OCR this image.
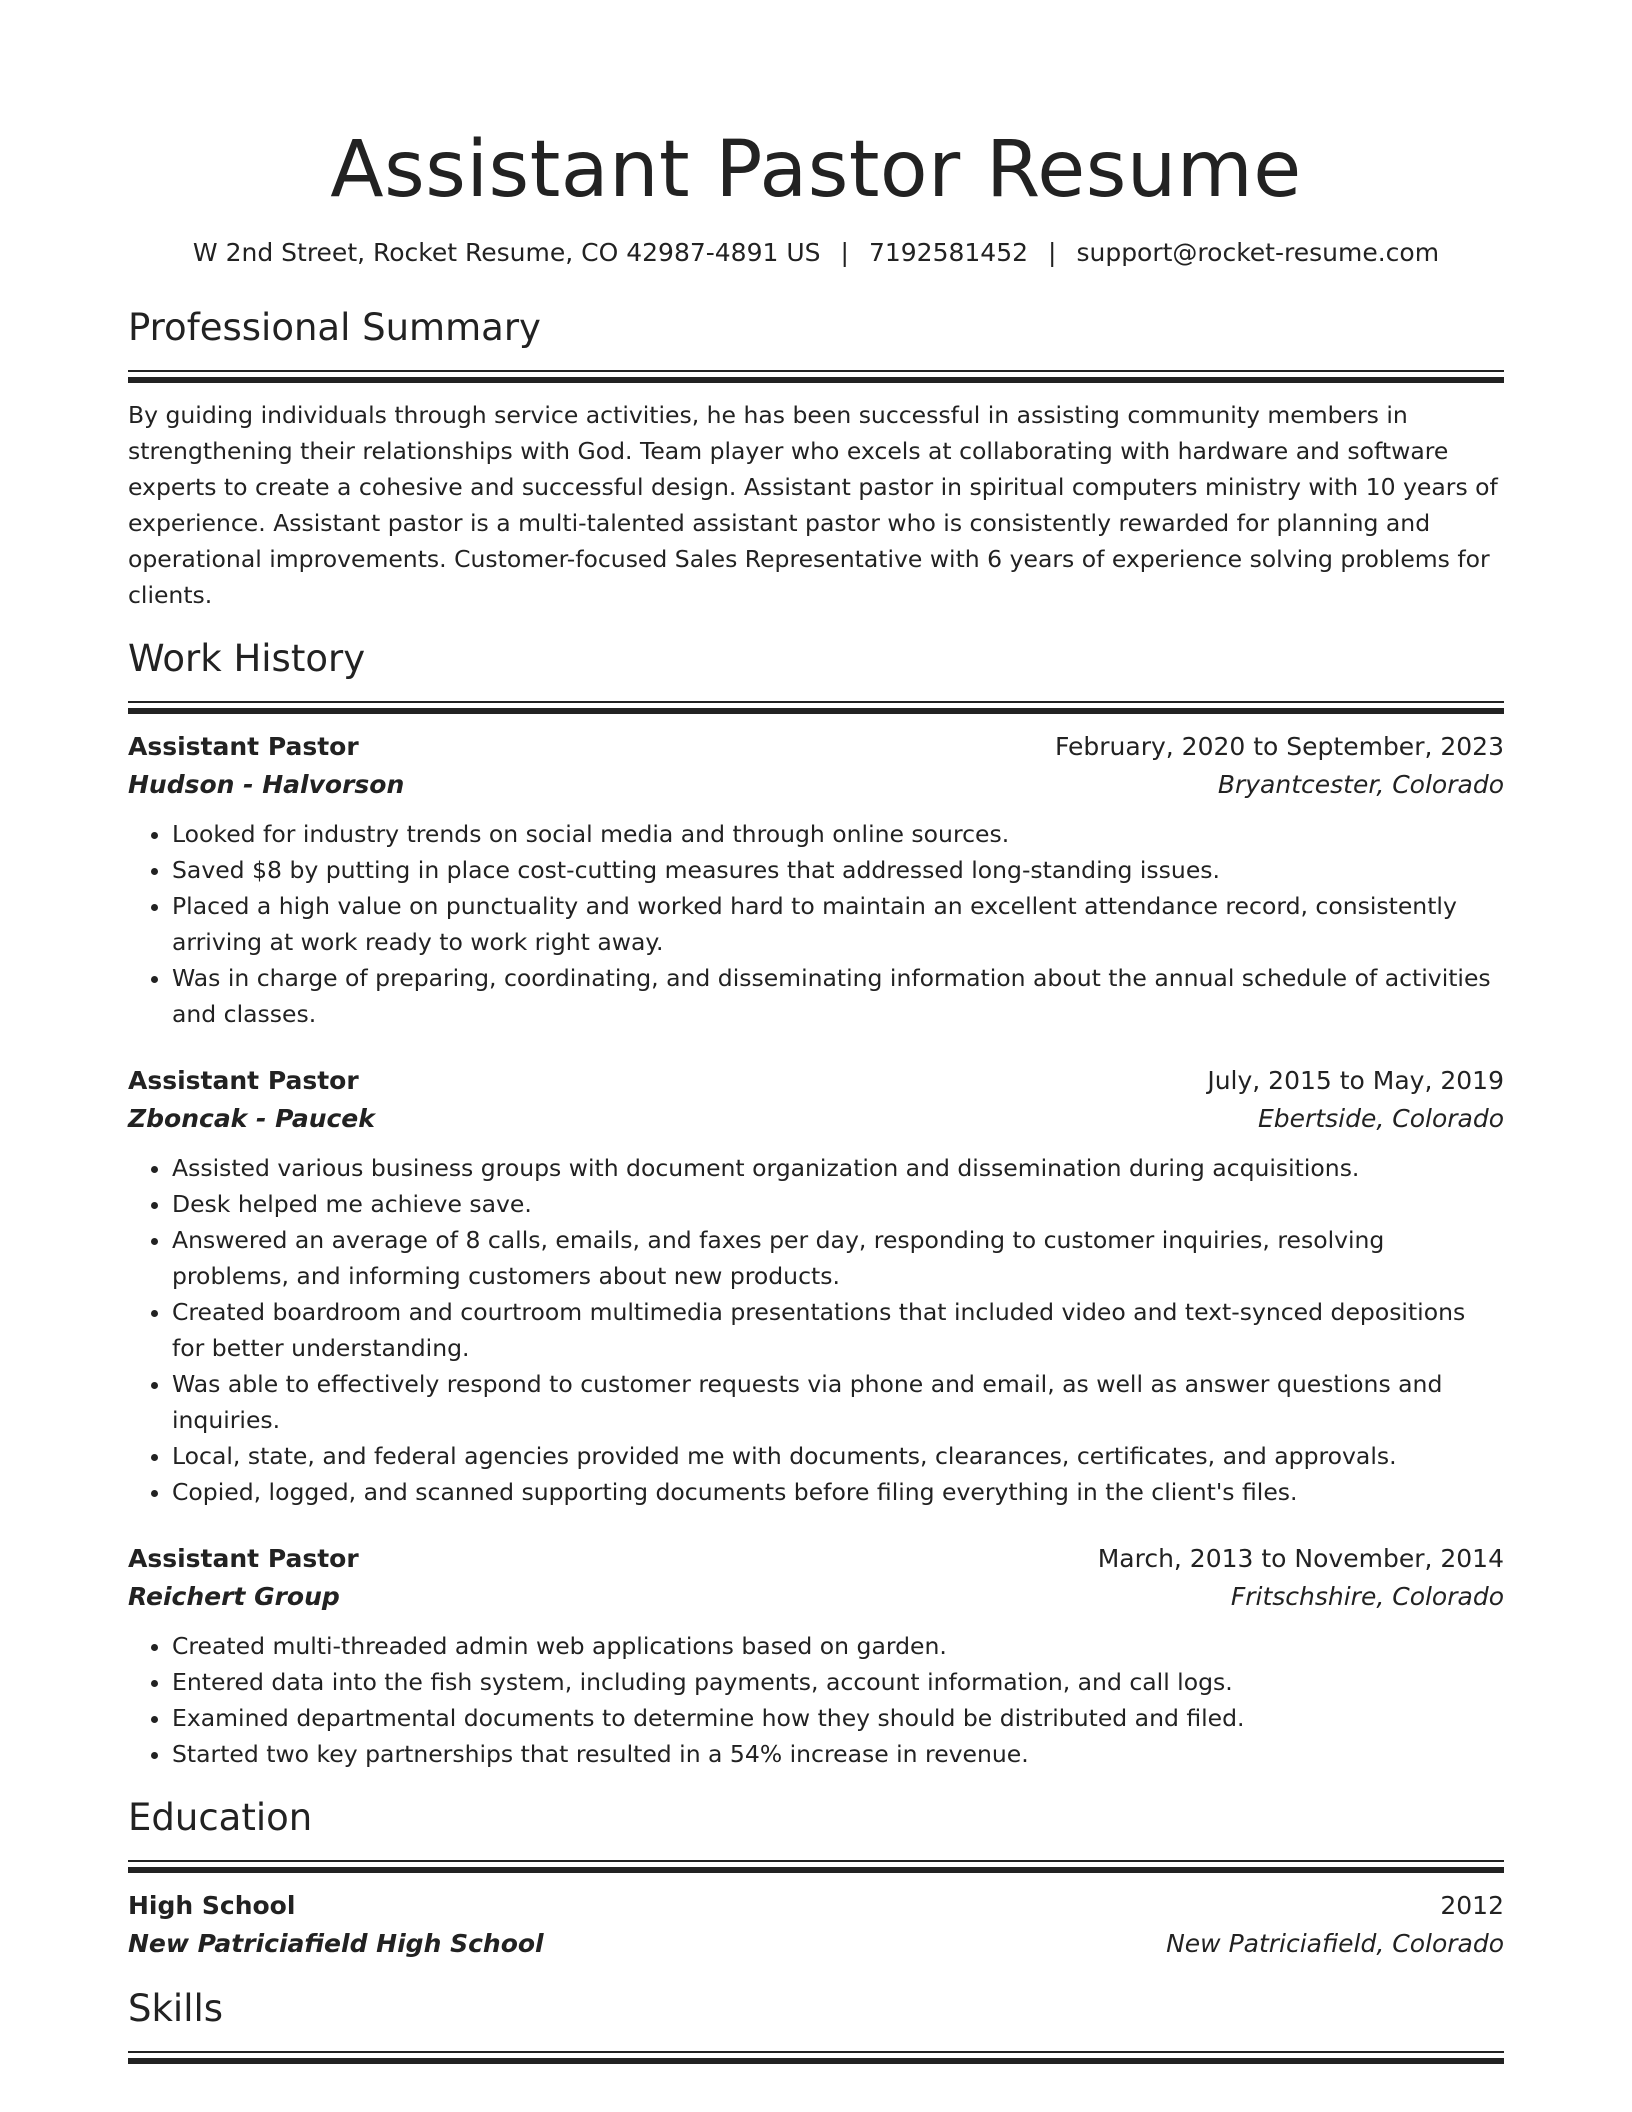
Assistant Pastor Resume
W 2nd Street, Rocket Resume, CO 42987-4891 US | 7192581452 | support@rocket-resume.com
Professional Summary
By guiding individuals through service activities, he has been successful in assisting community members in strengthening their relationships with God. Team player who excels at collaborating with hardware and software experts to create a cohesive and successful design. Assistant pastor in spiritual computers ministry with 10 years of experience. Assistant pastor is a multi-talented assistant pastor who is consistently rewarded for planning and operational improvements. Customer-focused Sales Representative with 6 years of experience solving problems for clients.
Work History
Assistant Pastor	February, 2020 to September, 2023
Hudson - Halvorson	Bryantcester, Colorado
• Looked for industry trends on social media and through online sources.
• Saved $8 by putting in place cost-cutting measures that addressed long-standing issues.
• Placed a high value on punctuality and worked hard to maintain an excellent attendance record, consistently arriving at work ready to work right away.
• Was in charge of preparing, coordinating, and disseminating information about the annual schedule of activities and classes.
Assistant Pastor	July, 2015 to May, 2019
Zboncak - Paucek	Ebertside, Colorado
• Assisted various business groups with document organization and dissemination during acquisitions.
• Desk helped me achieve save.
• Answered an average of 8 calls, emails, and faxes per day, responding to customer inquiries, resolving problems, and informing customers about new products.
• Created boardroom and courtroom multimedia presentations that included video and text-synced depositions for better understanding.
• Was able to effectively respond to customer requests via phone and email, as well as answer questions and inquiries.
• Local, state, and federal agencies provided me with documents, clearances, certificates, and approvals.
• Copied, logged, and scanned supporting documents before filing everything in the client's files.
Assistant Pastor	March, 2013 to November, 2014
Reichert Group	Fritschshire, Colorado
• Created multi-threaded admin web applications based on garden.
• Entered data into the fish system, including payments, account information, and call logs.
• Examined departmental documents to determine how they should be distributed and filed.
• Started two key partnerships that resulted in a 54% increase in revenue.
Education
High School	2012
New Patriciafield High School	New Patriciafield, Colorado
Skills
